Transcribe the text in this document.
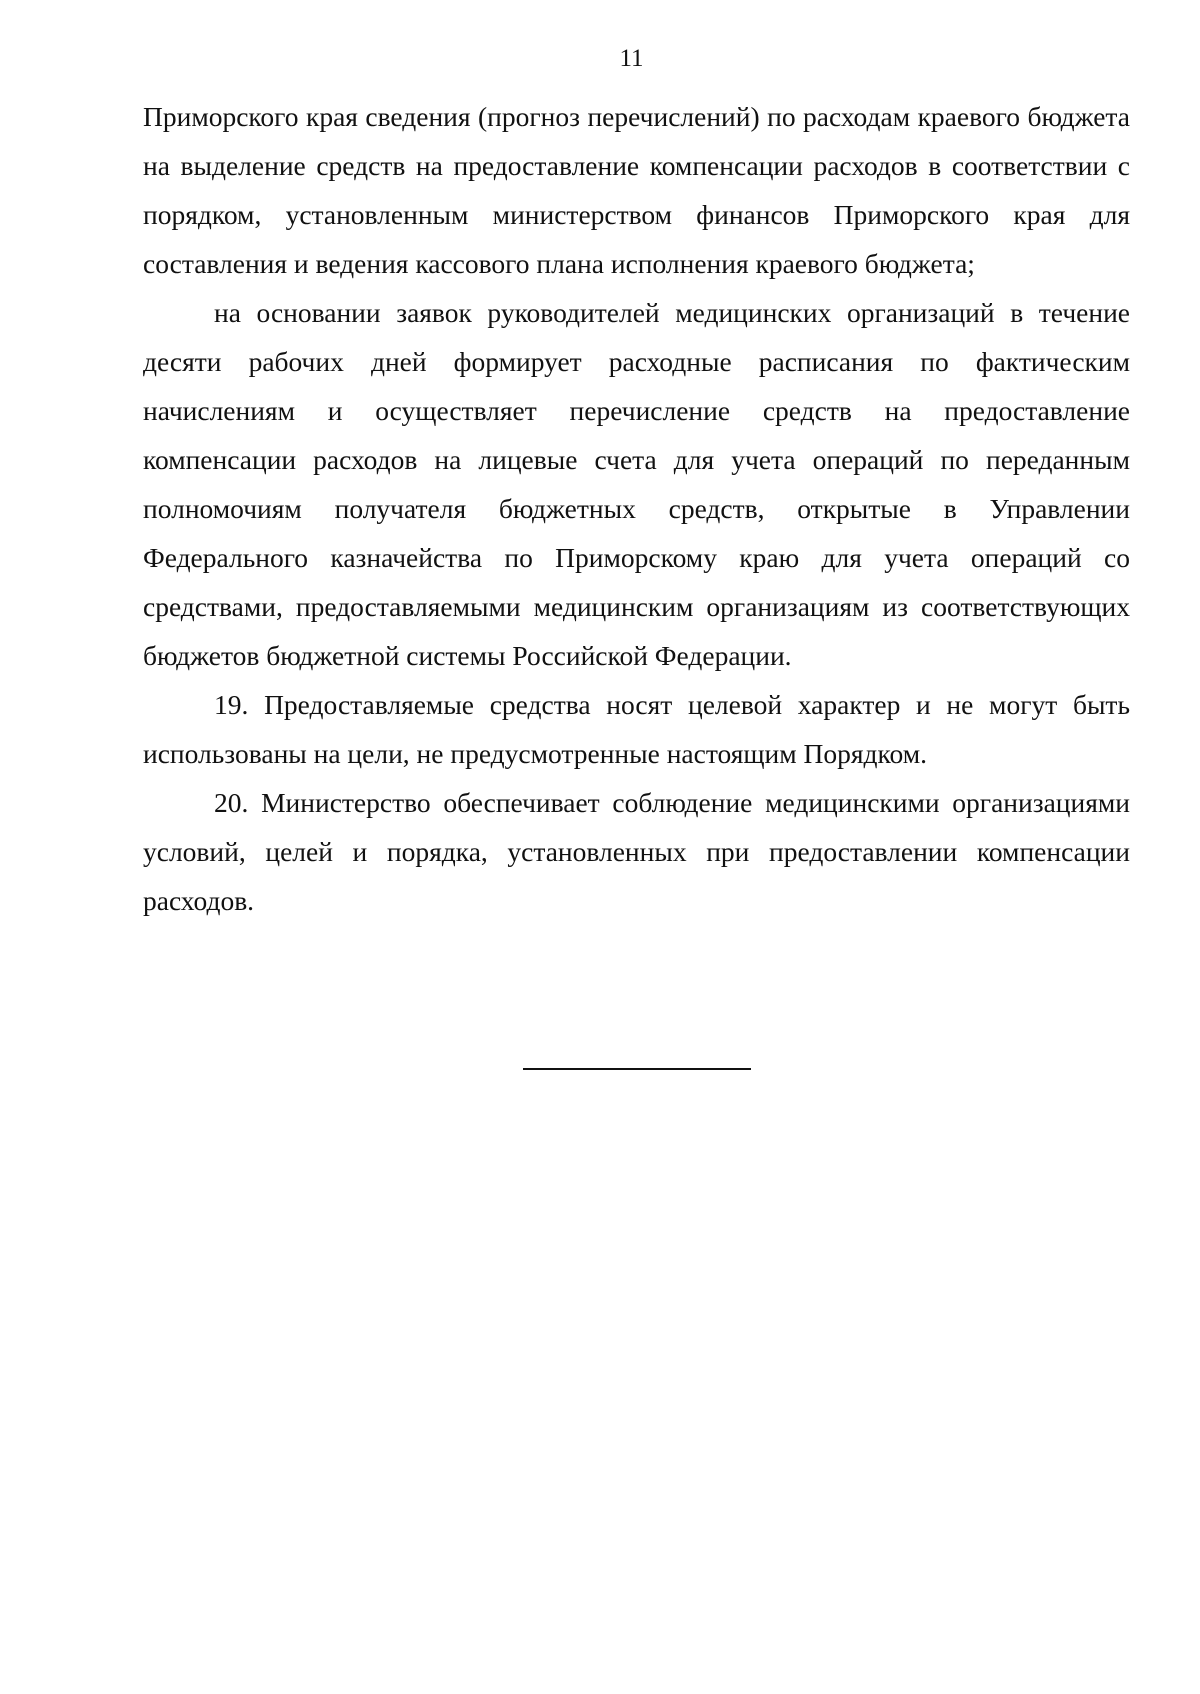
11

Приморского края сведения (прогноз перечислений) по расходам краевого бюджета на выделение средств на предоставление компенсации расходов в соответствии с порядком, установленным министерством финансов Приморского края для составления и ведения кассового плана исполнения краевого бюджета;

на основании заявок руководителей медицинских организаций в течение десяти рабочих дней формирует расходные расписания по фактическим начислениям и осуществляет перечисление средств на предоставление компенсации расходов на лицевые счета для учета операций по переданным полномочиям получателя бюджетных средств, открытые в Управлении Федерального казначейства по Приморскому краю для учета операций со средствами, предоставляемыми медицинским организациям из соответствующих бюджетов бюджетной системы Российской Федерации.

19. Предоставляемые средства носят целевой характер и не могут быть использованы на цели, не предусмотренные настоящим Порядком.

20. Министерство обеспечивает соблюдение медицинскими организациями условий, целей и порядка, установленных при предоставлении компенсации расходов.
